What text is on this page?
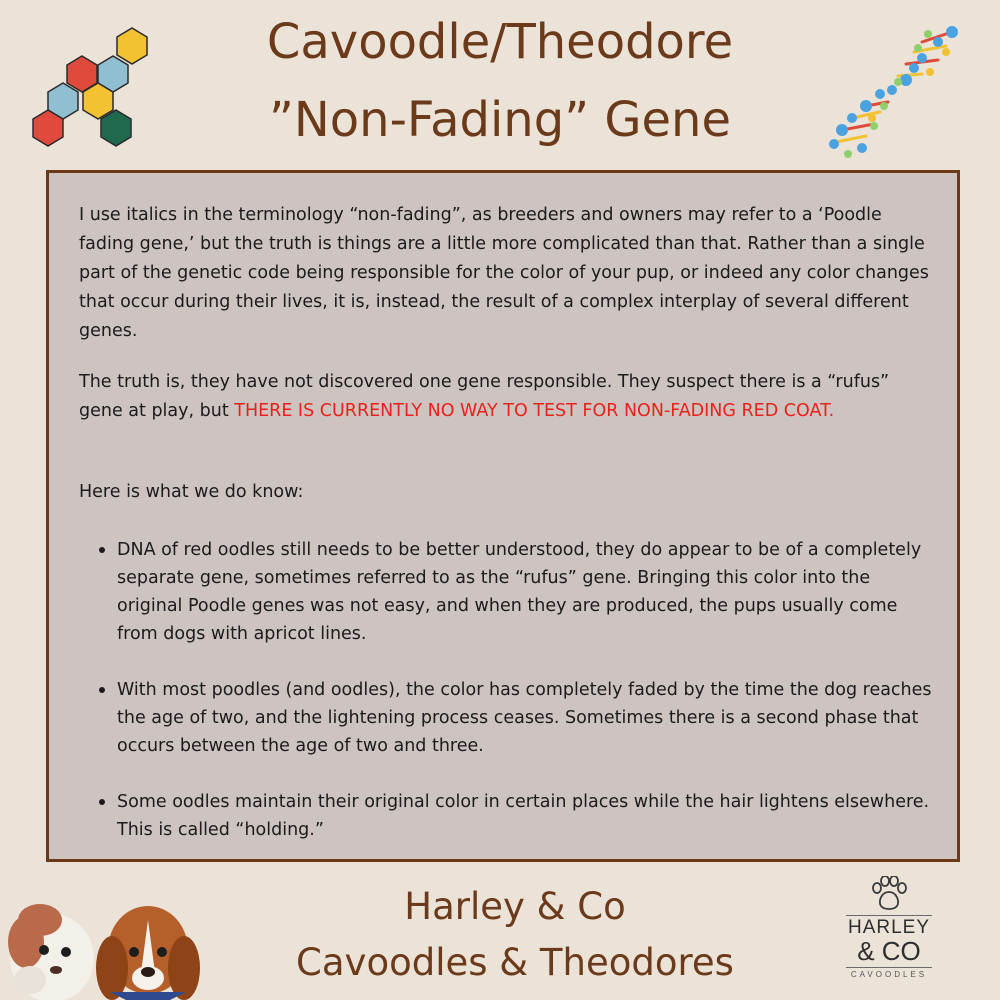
Cavoodle/Theodore
”Non-Fading” Gene

I use italics in the terminology “non-fading”, as breeders and owners may refer to a ‘Poodle fading gene,’ but the truth is things are a little more complicated than that. Rather than a single part of the genetic code being responsible for the color of your pup, or indeed any color changes that occur during their lives, it is, instead, the result of a complex interplay of several different genes.

The truth is, they have not discovered one gene responsible. They suspect there is a “rufus” gene at play, but THERE IS CURRENTLY NO WAY TO TEST FOR NON-FADING RED COAT.

Here is what we do know:

DNA of red oodles still needs to be better understood, they do appear to be of a completely separate gene, sometimes referred to as the “rufus” gene. Bringing this color into the original Poodle genes was not easy, and when they are produced, the pups usually come from dogs with apricot lines.
With most poodles (and oodles), the color has completely faded by the time the dog reaches the age of two, and the lightening process ceases. Sometimes there is a second phase that occurs between the age of two and three.
Some oodles maintain their original color in certain places while the hair lightens elsewhere. This is called “holding.”
Harley & Co
Cavoodles & Theodores
HARLEY
& CO
CAVOODLES
